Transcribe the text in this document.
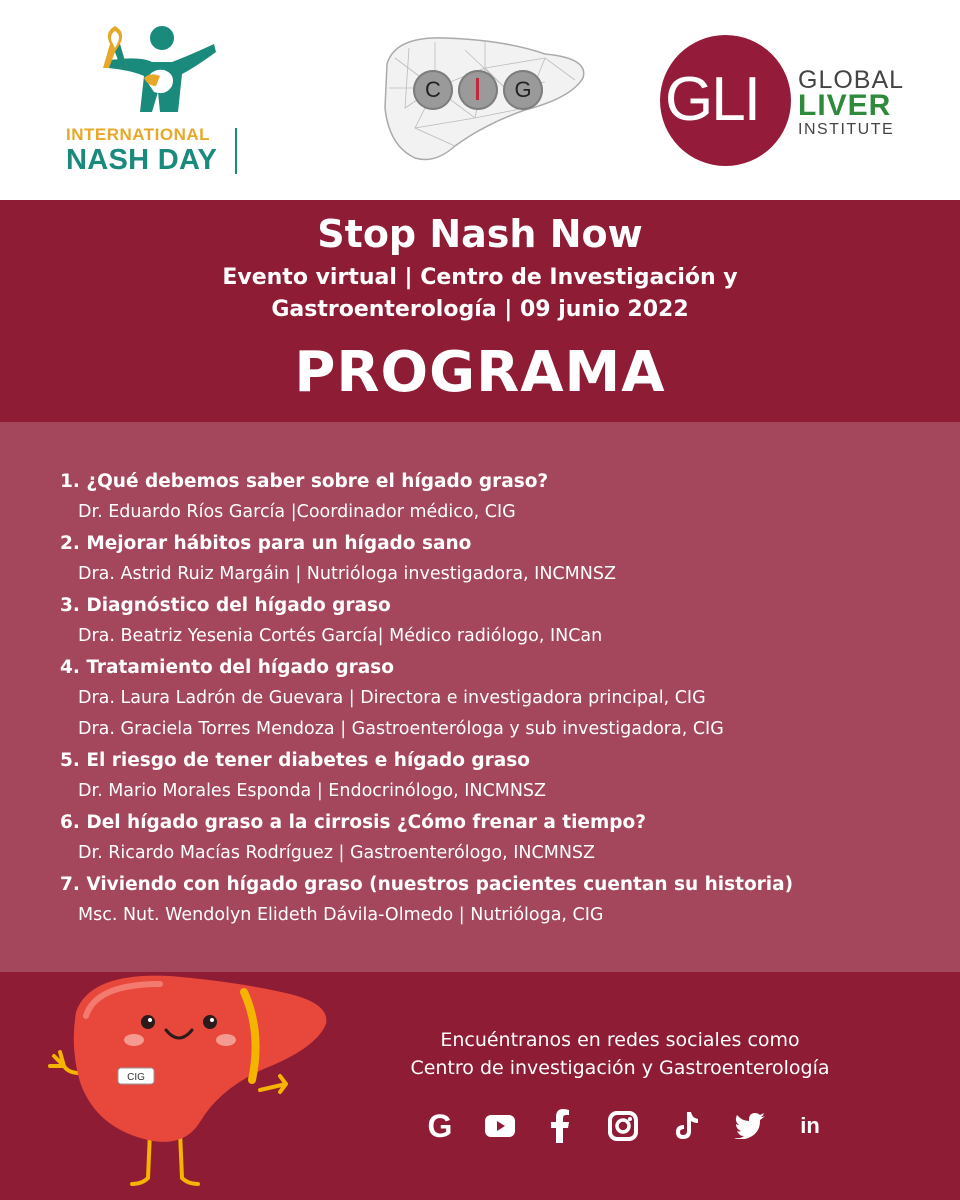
INTERNATIONAL
NASH DAY
C	G GLI GLOBAL
LIVER
INSTITUTE
Stop Nash Now
Evento virtual | Centro de Investigación y Gastroenterología | 09 junio 2022
PROGRAMA
1. ¿Qué debemos saber sobre el hígado graso?
Dr. Eduardo Ríos García |Coordinador médico, CIG
2. Mejorar hábitos para un hígado sano
Dra. Astrid Ruiz Margáin | Nutrióloga investigadora, INCMNSZ
3. Diagnóstico del hígado graso
Dra. Beatriz Yesenia Cortés García| Médico radiólogo, INCan
4. Tratamiento del hígado graso
Dra. Laura Ladrón de Guevara | Directora e investigadora principal, CIG
Dra. Graciela Torres Mendoza | Gastroenteróloga y sub investigadora, CIG
5. El riesgo de tener diabetes e hígado graso
Dr. Mario Morales Esponda | Endocrinólogo, INCMNSZ
6. Del hígado graso a la cirrosis ¿Cómo frenar a tiempo?
Dr. Ricardo Macías Rodríguez | Gastroenterólogo, INCMNSZ
7. Viviendo con hígado graso (nuestros pacientes cuentan su historia)
Msc. Nut. Wendolyn Elideth Dávila-Olmedo | Nutrióloga, CIG
CIG
Encuéntranos en redes sociales como
Centro de investigación y Gastroenterología
G	in
